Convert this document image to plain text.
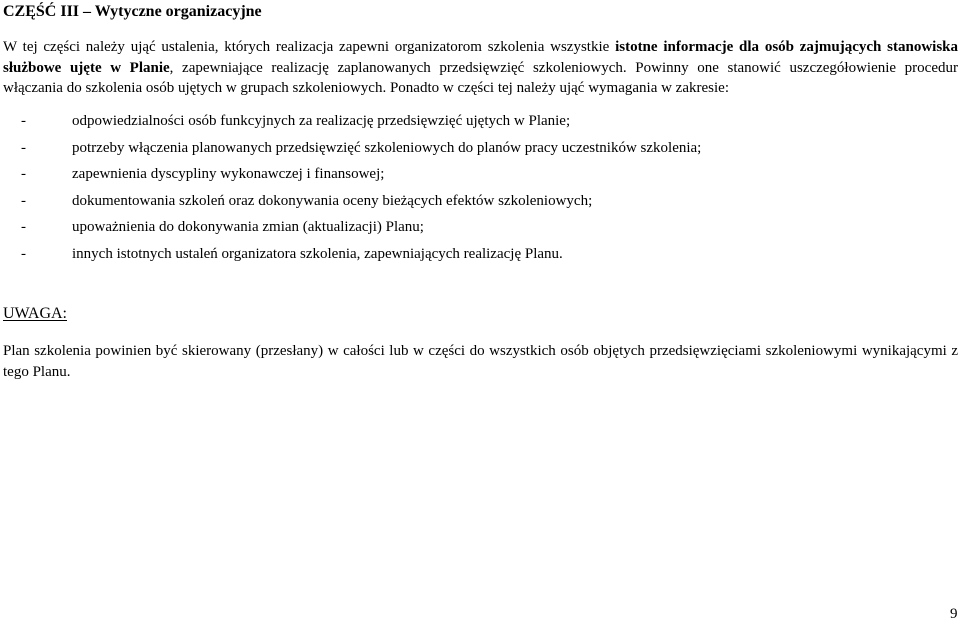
CZĘŚĆ III – Wytyczne organizacyjne

W tej części należy ująć ustalenia, których realizacja zapewni organizatorom szkolenia wszystkie istotne informacje dla osób zajmujących stanowiska służbowe ujęte w Planie, zapewniające realizację zaplanowanych przedsięwzięć szkoleniowych. Powinny one stanowić uszczegółowienie procedur włączania do szkolenia osób ujętych w grupach szkoleniowych. Ponadto w części tej należy ująć wymagania w zakresie:

-	odpowiedzialności osób funkcyjnych za realizację przedsięwzięć ujętych w Planie;
-	potrzeby włączenia planowanych przedsięwzięć szkoleniowych do planów pracy uczestników szkolenia;
-	zapewnienia dyscypliny wykonawczej i finansowej;
-	dokumentowania szkoleń oraz dokonywania oceny bieżących efektów szkoleniowych;
-	upoważnienia do dokonywania zmian (aktualizacji) Planu;
-	innych istotnych ustaleń organizatora szkolenia, zapewniających realizację Planu.
UWAGA:

Plan szkolenia powinien być skierowany (przesłany) w całości lub w części do wszystkich osób objętych przedsięwzięciami szkoleniowymi wynikającymi z tego Planu.

9
